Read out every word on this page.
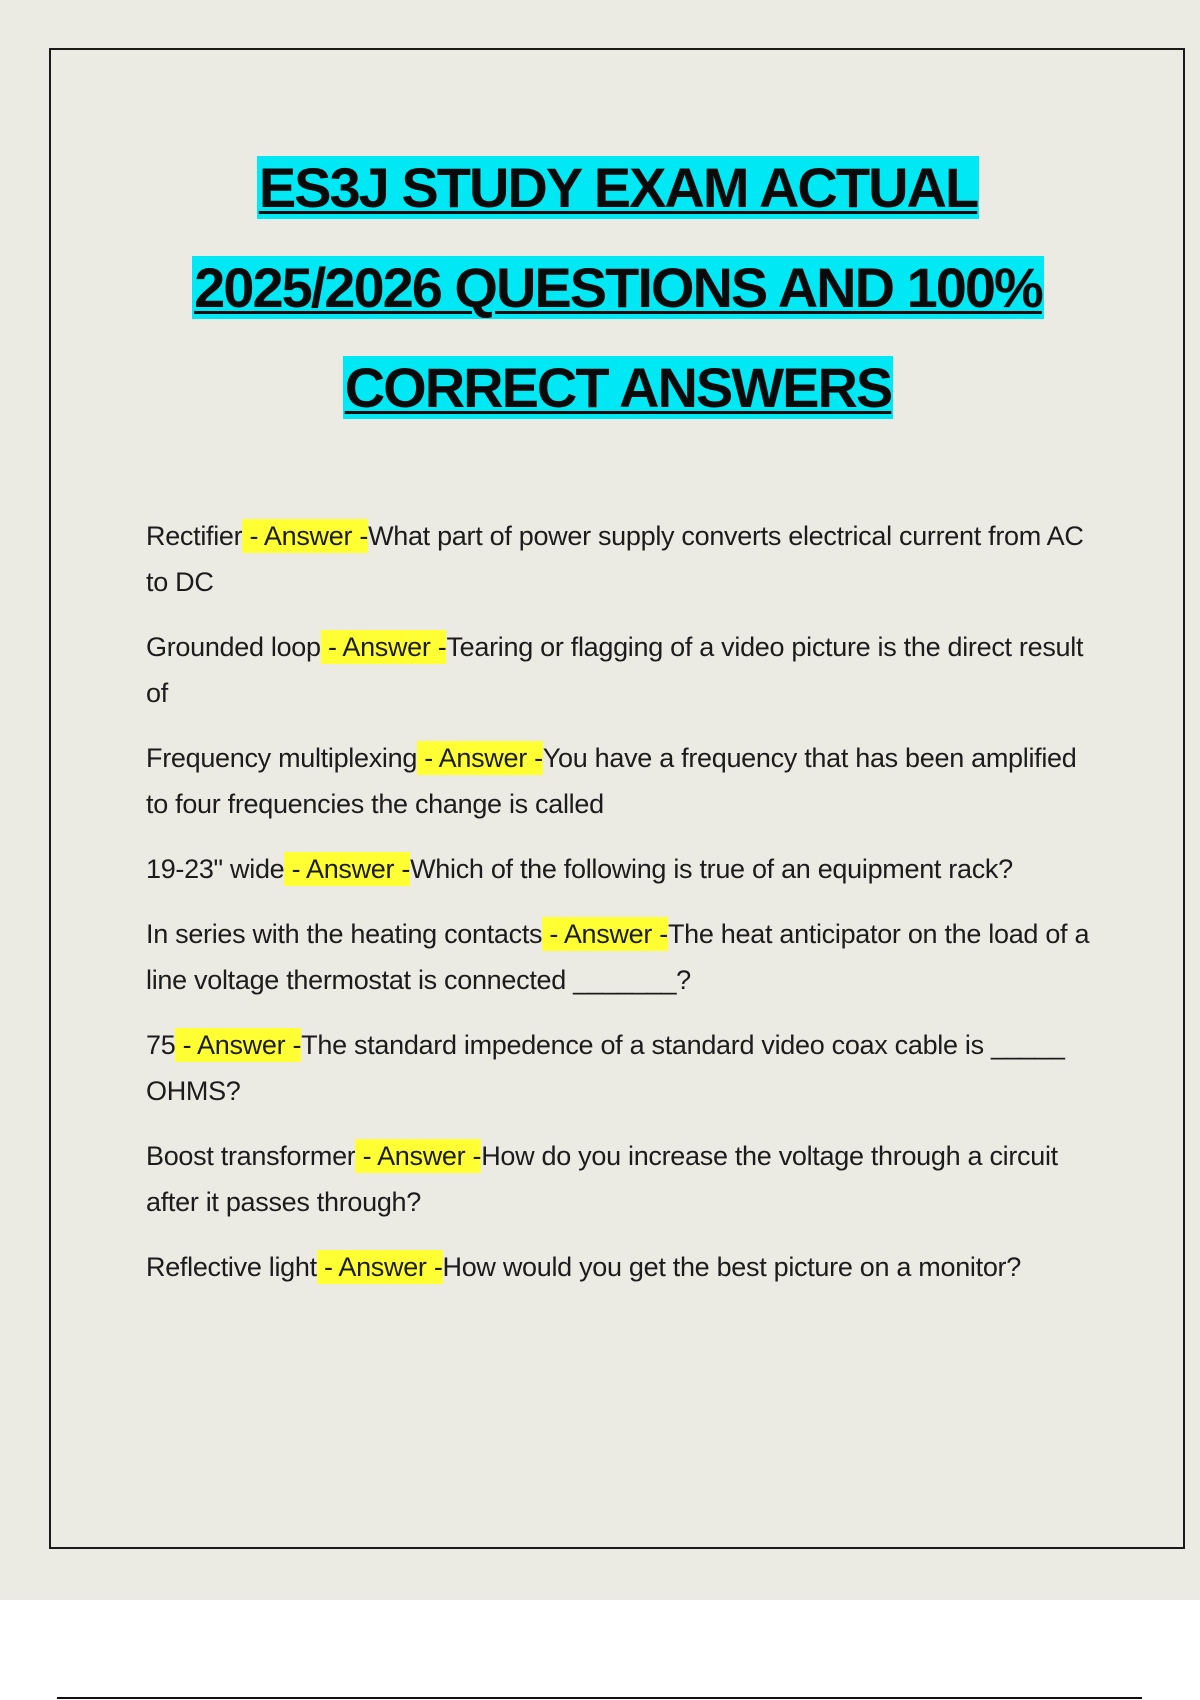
ES3J STUDY EXAM ACTUAL
2025/2026 QUESTIONS AND 100%
CORRECT ANSWERS
Rectifier - Answer -What part of power supply converts electrical current from AC to DC
Grounded loop - Answer -Tearing or flagging of a video picture is the direct result of
Frequency multiplexing - Answer -You have a frequency that has been amplified to four frequencies the change is called
19-23" wide - Answer -Which of the following is true of an equipment rack?
In series with the heating contacts - Answer -The heat anticipator on the load of a line voltage thermostat is connected _______?
75 - Answer -The standard impedence of a standard video coax cable is _____ OHMS?
Boost transformer - Answer -How do you increase the voltage through a circuit after it passes through?
Reflective light - Answer -How would you get the best picture on a monitor?
